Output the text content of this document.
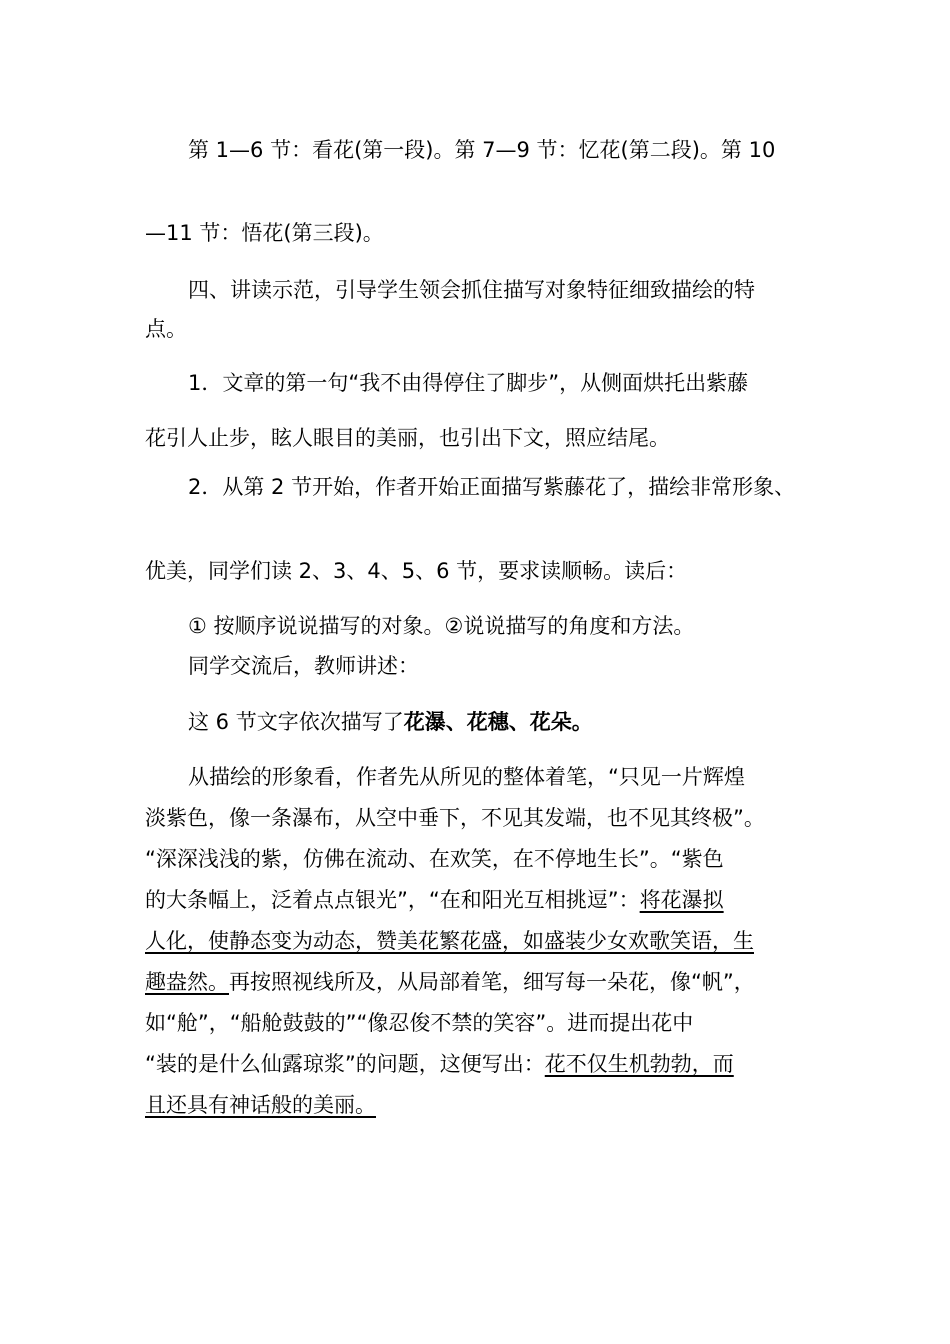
第 1—6 节：看花(第一段)。第 7—9 节：忆花(第二段)。第 10

—11 节：悟花(第三段)。

四、讲读示范，引导学生领会抓住描写对象特征细致描绘的特

点。

1．文章的第一句“我不由得停住了脚步”，从侧面烘托出紫藤

花引人止步，眩人眼目的美丽，也引出下文，照应结尾。

2．从第 2 节开始，作者开始正面描写紫藤花了，描绘非常形象、

优美，同学们读 2、3、4、5、6 节，要求读顺畅。读后：

① 按顺序说说描写的对象。②说说描写的角度和方法。

同学交流后，教师讲述：

这 6 节文字依次描写了花瀑、花穗、花朵。

从描绘的形象看，作者先从所见的整体着笔，“只见一片辉煌

淡紫色，像一条瀑布，从空中垂下，不见其发端，也不见其终极”。

“深深浅浅的紫，仿佛在流动、在欢笑，在不停地生长”。“紫色

的大条幅上，泛着点点银光”，“在和阳光互相挑逗”：将花瀑拟

人化，使静态变为动态，赞美花繁花盛，如盛装少女欢歌笑语，生

趣盎然。再按照视线所及，从局部着笔，细写每一朵花，像“帆”，

如“舱”，“船舱鼓鼓的”“像忍俊不禁的笑容”。进而提出花中

“装的是什么仙露琼浆”的问题，这便写出：花不仅生机勃勃，而

且还具有神话般的美丽。
